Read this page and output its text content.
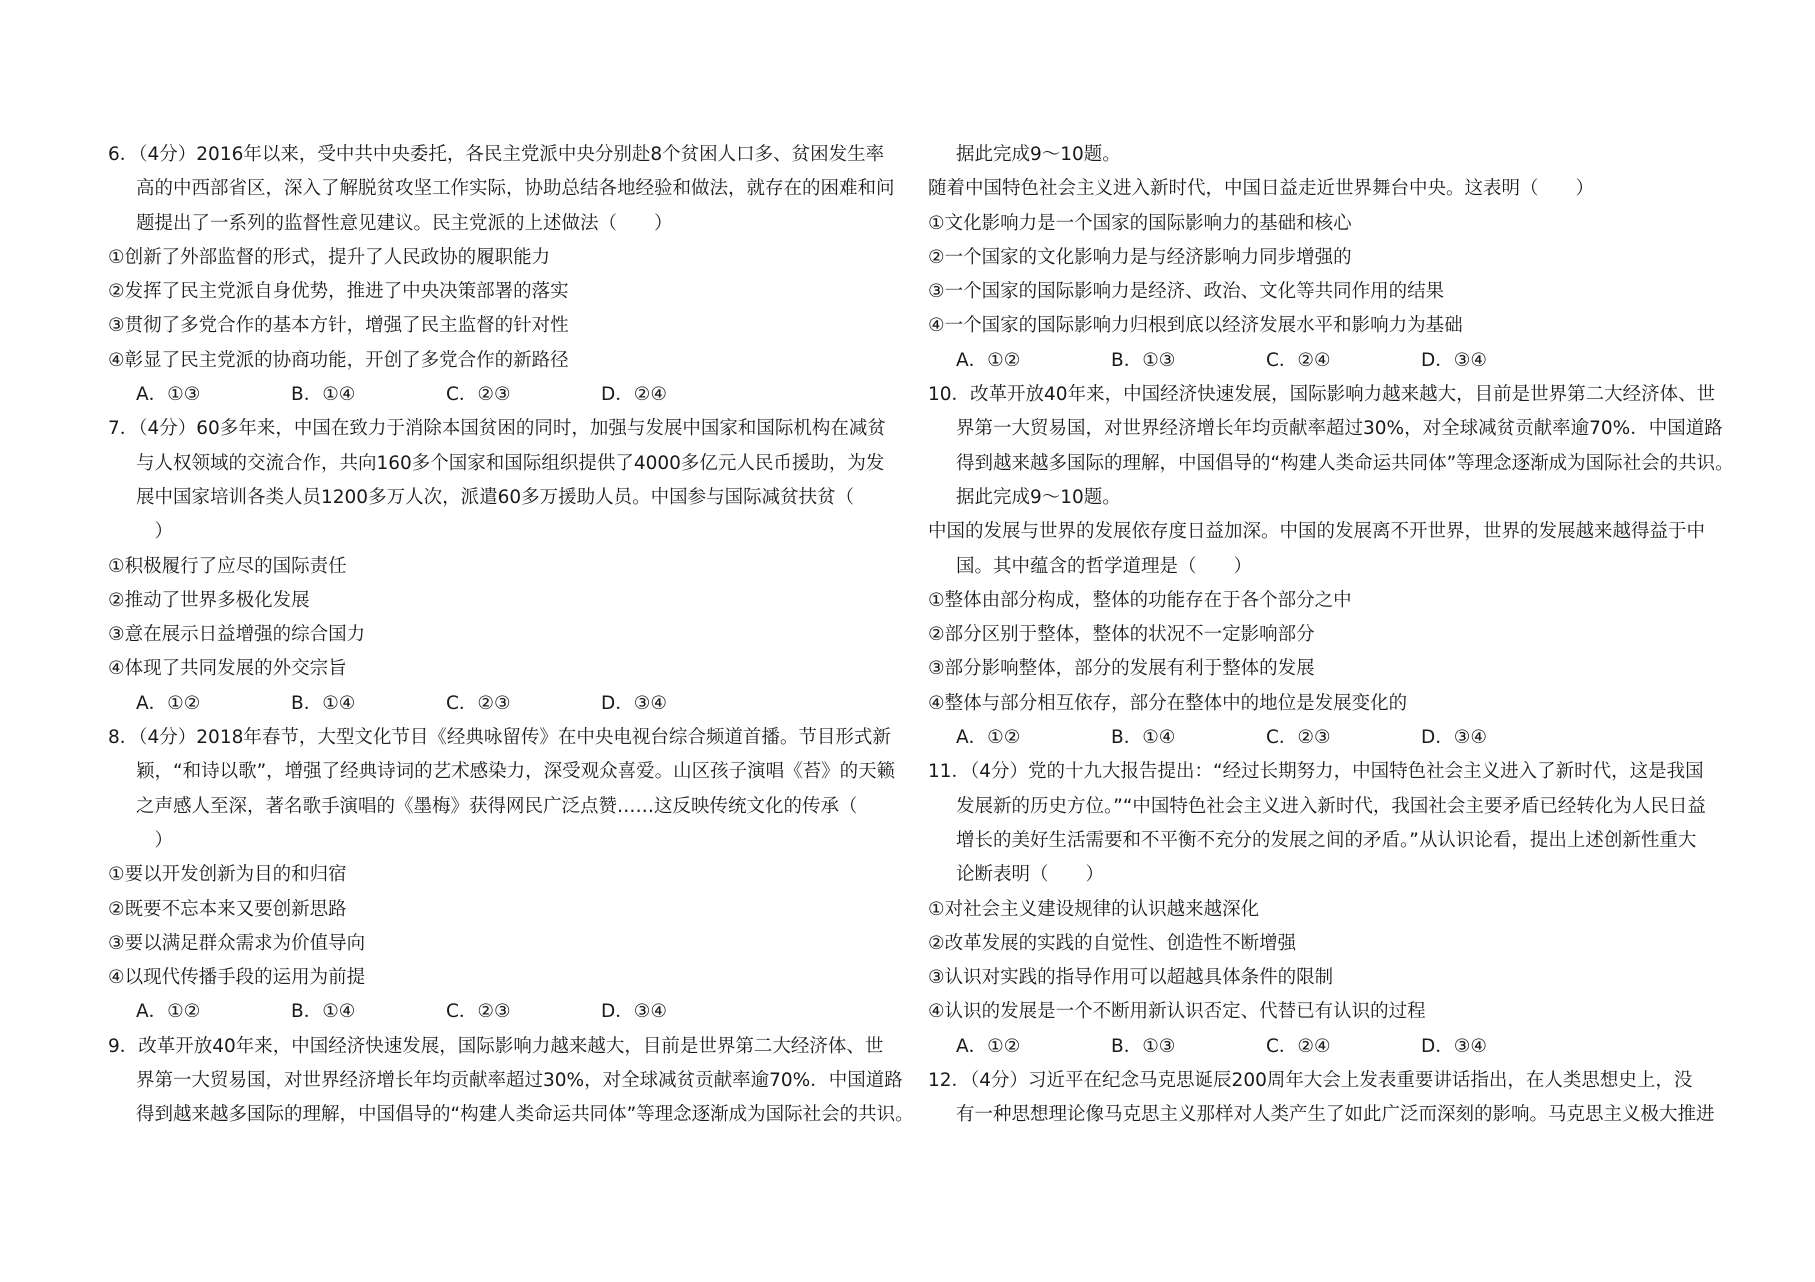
6．（4分）2016年以来，受中共中央委托，各民主党派中央分别赴8个贫困人口多、贫困发生率
高的中西部省区，深入了解脱贫攻坚工作实际，协助总结各地经验和做法，就存在的困难和问
题提出了一系列的监督性意见建议。民主党派的上述做法（　　）
①创新了外部监督的形式，提升了人民政协的履职能力
②发挥了民主党派自身优势，推进了中央决策部署的落实
③贯彻了多党合作的基本方针，增强了民主监督的针对性
④彰显了民主党派的协商功能，开创了多党合作的新路径
A．①③	B．①④	C．②③	D．②④
7．（4分）60多年来，中国在致力于消除本国贫困的同时，加强与发展中国家和国际机构在减贫
与人权领域的交流合作，共向160多个国家和国际组织提供了4000多亿元人民币援助，为发
展中国家培训各类人员1200多万人次，派遣60多万援助人员。中国参与国际减贫扶贫（
　）
①积极履行了应尽的国际责任
②推动了世界多极化发展
③意在展示日益增强的综合国力
④体现了共同发展的外交宗旨
A．①②	B．①④	C．②③	D．③④
8．（4分）2018年春节，大型文化节目《经典咏留传》在中央电视台综合频道首播。节目形式新
颖，“和诗以歌”，增强了经典诗词的艺术感染力，深受观众喜爱。山区孩子演唱《苔》的天籁
之声感人至深，著名歌手演唱的《墨梅》获得网民广泛点赞……这反映传统文化的传承（
　）
①要以开发创新为目的和归宿
②既要不忘本来又要创新思路
③要以满足群众需求为价值导向
④以现代传播手段的运用为前提
A．①②	B．①④	C．②③	D．③④
9．改革开放40年来，中国经济快速发展，国际影响力越来越大，目前是世界第二大经济体、世
界第一大贸易国，对世界经济增长年均贡献率超过30%，对全球减贫贡献率逾70%．中国道路
得到越来越多国际的理解，中国倡导的“构建人类命运共同体”等理念逐渐成为国际社会的共识。
据此完成9～10题。
随着中国特色社会主义进入新时代，中国日益走近世界舞台中央。这表明（　　）
①文化影响力是一个国家的国际影响力的基础和核心
②一个国家的文化影响力是与经济影响力同步增强的
③一个国家的国际影响力是经济、政治、文化等共同作用的结果
④一个国家的国际影响力归根到底以经济发展水平和影响力为基础
A．①②	B．①③	C．②④	D．③④
10．改革开放40年来，中国经济快速发展，国际影响力越来越大，目前是世界第二大经济体、世
界第一大贸易国，对世界经济增长年均贡献率超过30%，对全球减贫贡献率逾70%．中国道路
得到越来越多国际的理解，中国倡导的“构建人类命运共同体”等理念逐渐成为国际社会的共识。
据此完成9～10题。
中国的发展与世界的发展依存度日益加深。中国的发展离不开世界，世界的发展越来越得益于中
国。其中蕴含的哲学道理是（　　）
①整体由部分构成，整体的功能存在于各个部分之中
②部分区别于整体，整体的状况不一定影响部分
③部分影响整体，部分的发展有利于整体的发展
④整体与部分相互依存，部分在整体中的地位是发展变化的
A．①②	B．①④	C．②③	D．③④
11．（4分）党的十九大报告提出：“经过长期努力，中国特色社会主义进入了新时代，这是我国
发展新的历史方位。”“中国特色社会主义进入新时代，我国社会主要矛盾已经转化为人民日益
增长的美好生活需要和不平衡不充分的发展之间的矛盾。”从认识论看，提出上述创新性重大
论断表明（　　）
①对社会主义建设规律的认识越来越深化
②改革发展的实践的自觉性、创造性不断增强
③认识对实践的指导作用可以超越具体条件的限制
④认识的发展是一个不断用新认识否定、代替已有认识的过程
A．①②	B．①③	C．②④	D．③④
12．（4分）习近平在纪念马克思诞辰200周年大会上发表重要讲话指出，在人类思想史上，没
有一种思想理论像马克思主义那样对人类产生了如此广泛而深刻的影响。马克思主义极大推进
